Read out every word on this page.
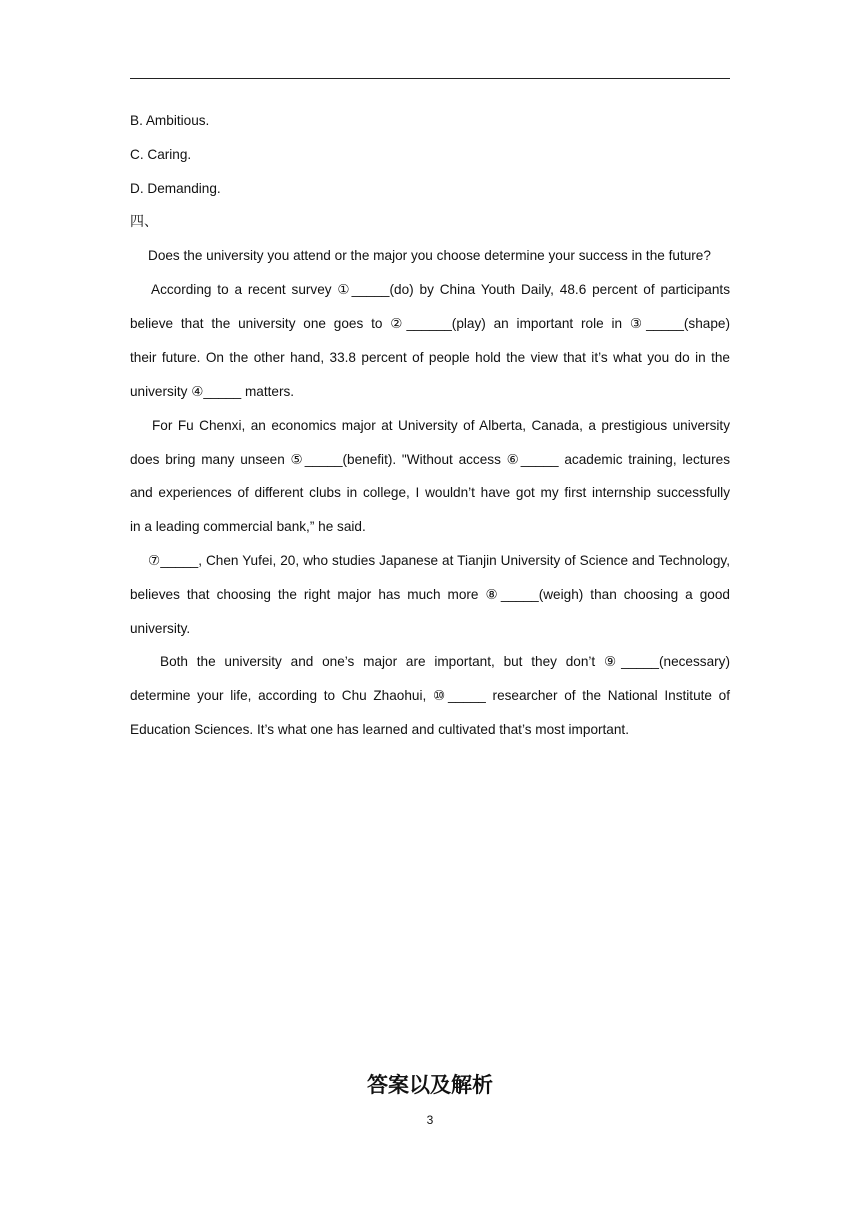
B. Ambitious.
C. Caring.
D. Demanding.
四、
Does the university you attend or the major you choose determine your success in the future?
According to a recent survey ①_____(do) by China Youth Daily, 48.6 percent of participants
believe that the university one goes to ②______(play) an important role in ③_____(shape)
their future. On the other hand, 33.8 percent of people hold the view that it’s what you do in the
university ④_____ matters.
For Fu Chenxi, an economics major at University of Alberta, Canada, a prestigious university
does bring many unseen ⑤_____(benefit). "Without access ⑥_____ academic training, lectures
and experiences of different clubs in college, I wouldn’t have got my first internship successfully
in a leading commercial bank,” he said.
⑦_____, Chen Yufei, 20, who studies Japanese at Tianjin University of Science and Technology,
believes that choosing the right major has much more ⑧_____(weigh) than choosing a good
university.
Both the university and one’s major are important, but they don’t ⑨_____(necessary)
determine your life, according to Chu Zhaohui, ⑩_____ researcher of the National Institute of
Education Sciences. It’s what one has learned and cultivated that’s most important.
答案以及解析
3
